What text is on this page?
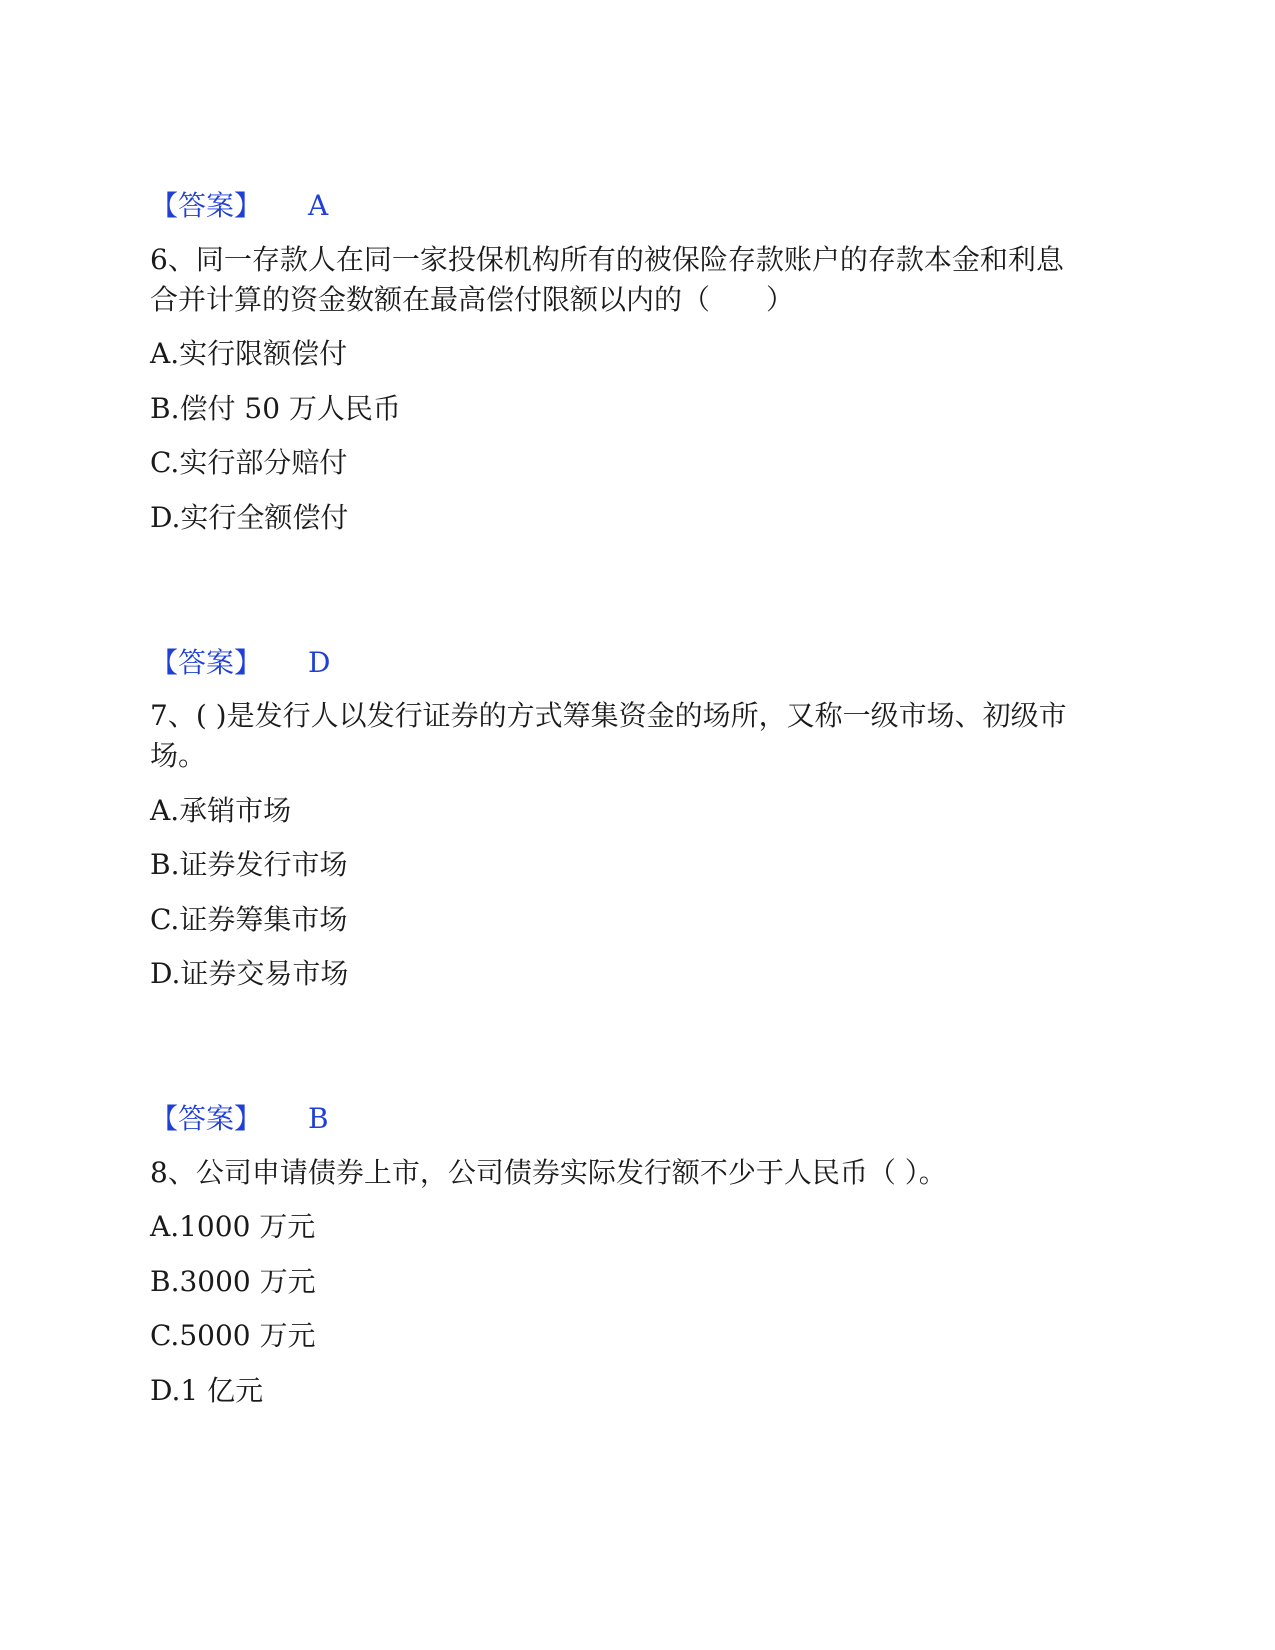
【答案】 A
6、同一存款人在同一家投保机构所有的被保险存款账户的存款本金和利息
合并计算的资金数额在最高偿付限额以内的（　　）
A.实行限额偿付
B.偿付 50 万人民币
C.实行部分赔付
D.实行全额偿付
【答案】 D
7、( )是发行人以发行证券的方式筹集资金的场所，又称一级市场、初级市
场。
A.承销市场
B.证券发行市场
C.证券筹集市场
D.证券交易市场
【答案】 B
8、公司申请债券上市，公司债券实际发行额不少于人民币（ ）。
A.1000 万元
B.3000 万元
C.5000 万元
D.1 亿元
